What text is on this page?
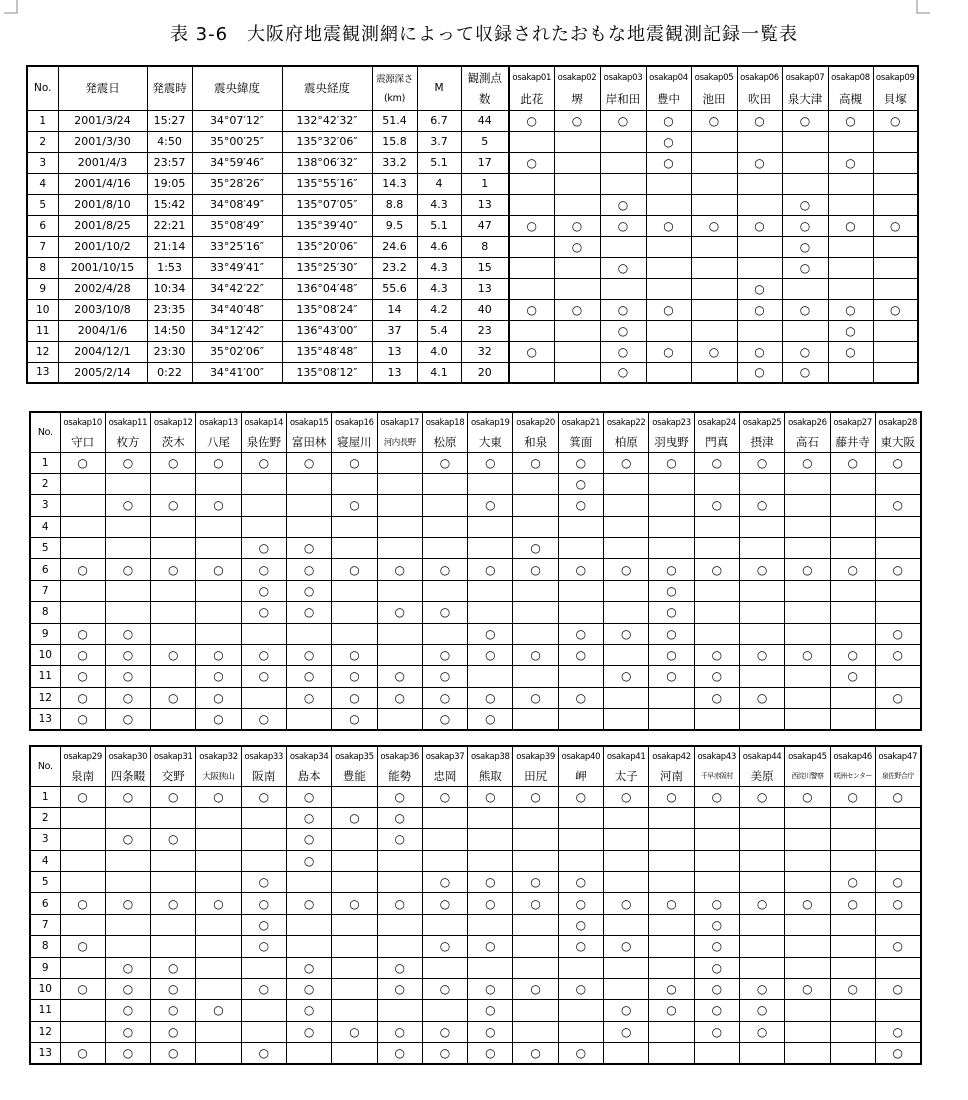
表 3-6　大阪府地震観測網によって収録されたおもな地震観測記録一覧表
No.	発震日	発震時	震央緯度	震央経度	震源深さ	M	観測点	osakap01	osakap02	osakap03	osakap04	osakap05	osakap06	osakap07	osakap08	osakap09
					(km)		数	此花	堺	岸和田	豊中	池田	吹田	泉大津	高槻	貝塚
1	2001/3/24	15:27	34°07′12″	132°42′32″	51.4	6.7	44	○	○	○	○	○	○	○	○	○
2	2001/3/30	4:50	35°00′25″	135°32′06″	15.8	3.7	5				○					
3	2001/4/3	23:57	34°59′46″	138°06′32″	33.2	5.1	17	○			○		○		○	
4	2001/4/16	19:05	35°28′26″	135°55′16″	14.3	4	1									
5	2001/8/10	15:42	34°08′49″	135°07′05″	8.8	4.3	13			○				○		
6	2001/8/25	22:21	35°08′49″	135°39′40″	9.5	5.1	47	○	○	○	○	○	○	○	○	○
7	2001/10/2	21:14	33°25′16″	135°20′06″	24.6	4.6	8		○					○		
8	2001/10/15	1:53	33°49′41″	135°25′30″	23.2	4.3	15			○				○		
9	2002/4/28	10:34	34°42′22″	136°04′48″	55.6	4.3	13						○			
10	2003/10/8	23:35	34°40′48″	135°08′24″	14	4.2	40	○	○	○	○		○	○	○	○
11	2004/1/6	14:50	34°12′42″	136°43′00″	37	5.4	23			○					○	
12	2004/12/1	23:30	35°02′06″	135°48′48″	13	4.0	32	○		○	○	○	○	○	○	
13	2005/2/14	0:22	34°41′00″	135°08′12″	13	4.1	20			○			○	○		
No.	osakap10	osakap11	osakap12	osakap13	osakap14	osakap15	osakap16	osakap17	osakap18	osakap19	osakap20	osakap21	osakap22	osakap23	osakap24	osakap25	osakap26	osakap27	osakap28
	守口	枚方	茨木	八尾	泉佐野	富田林	寝屋川	河内長野	松原	大東	和泉	箕面	柏原	羽曳野	門真	摂津	高石	藤井寺	東大阪
1	○	○	○	○	○	○	○		○	○	○	○	○	○	○	○	○	○	○
2												○							
3		○	○	○			○			○		○			○	○			○
4																			
5					○	○					○								
6	○	○	○	○	○	○	○	○	○	○	○	○	○	○	○	○	○	○	○
7					○	○								○					
8					○	○		○	○					○					
9	○	○								○		○	○	○					○
10	○	○	○	○	○	○	○		○	○	○	○		○	○	○	○	○	○
11	○	○		○	○	○	○	○	○				○	○	○			○	
12	○	○	○	○		○	○	○	○	○	○	○			○	○			○
13	○	○		○	○		○		○	○									
No.	osakap29	osakap30	osakap31	osakap32	osakap33	osakap34	osakap35	osakap36	osakap37	osakap38	osakap39	osakap40	osakap41	osakap42	osakap43	osakap44	osakap45	osakap46	osakap47
	泉南	四条畷	交野	大阪狭山	阪南	島本	豊能	能勢	忠岡	熊取	田尻	岬	太子	河南	千早赤阪村	美原	西淀川警察	咲洲センター	泉佐野合庁
1	○	○	○	○	○	○		○	○	○	○	○	○	○	○	○	○	○	○
2						○	○	○											
3		○	○			○		○											
4						○													
5					○				○	○	○	○						○	○
6	○	○	○	○	○	○	○	○	○	○	○	○	○	○	○	○	○	○	○
7					○							○			○				
8	○				○				○	○		○	○		○				○
9		○	○			○		○							○				
10	○	○	○		○	○		○	○	○	○	○		○	○	○	○	○	○
11		○	○	○		○				○			○	○	○	○			
12		○	○			○	○	○	○	○			○		○	○			○
13	○	○	○		○			○	○	○	○	○							○
